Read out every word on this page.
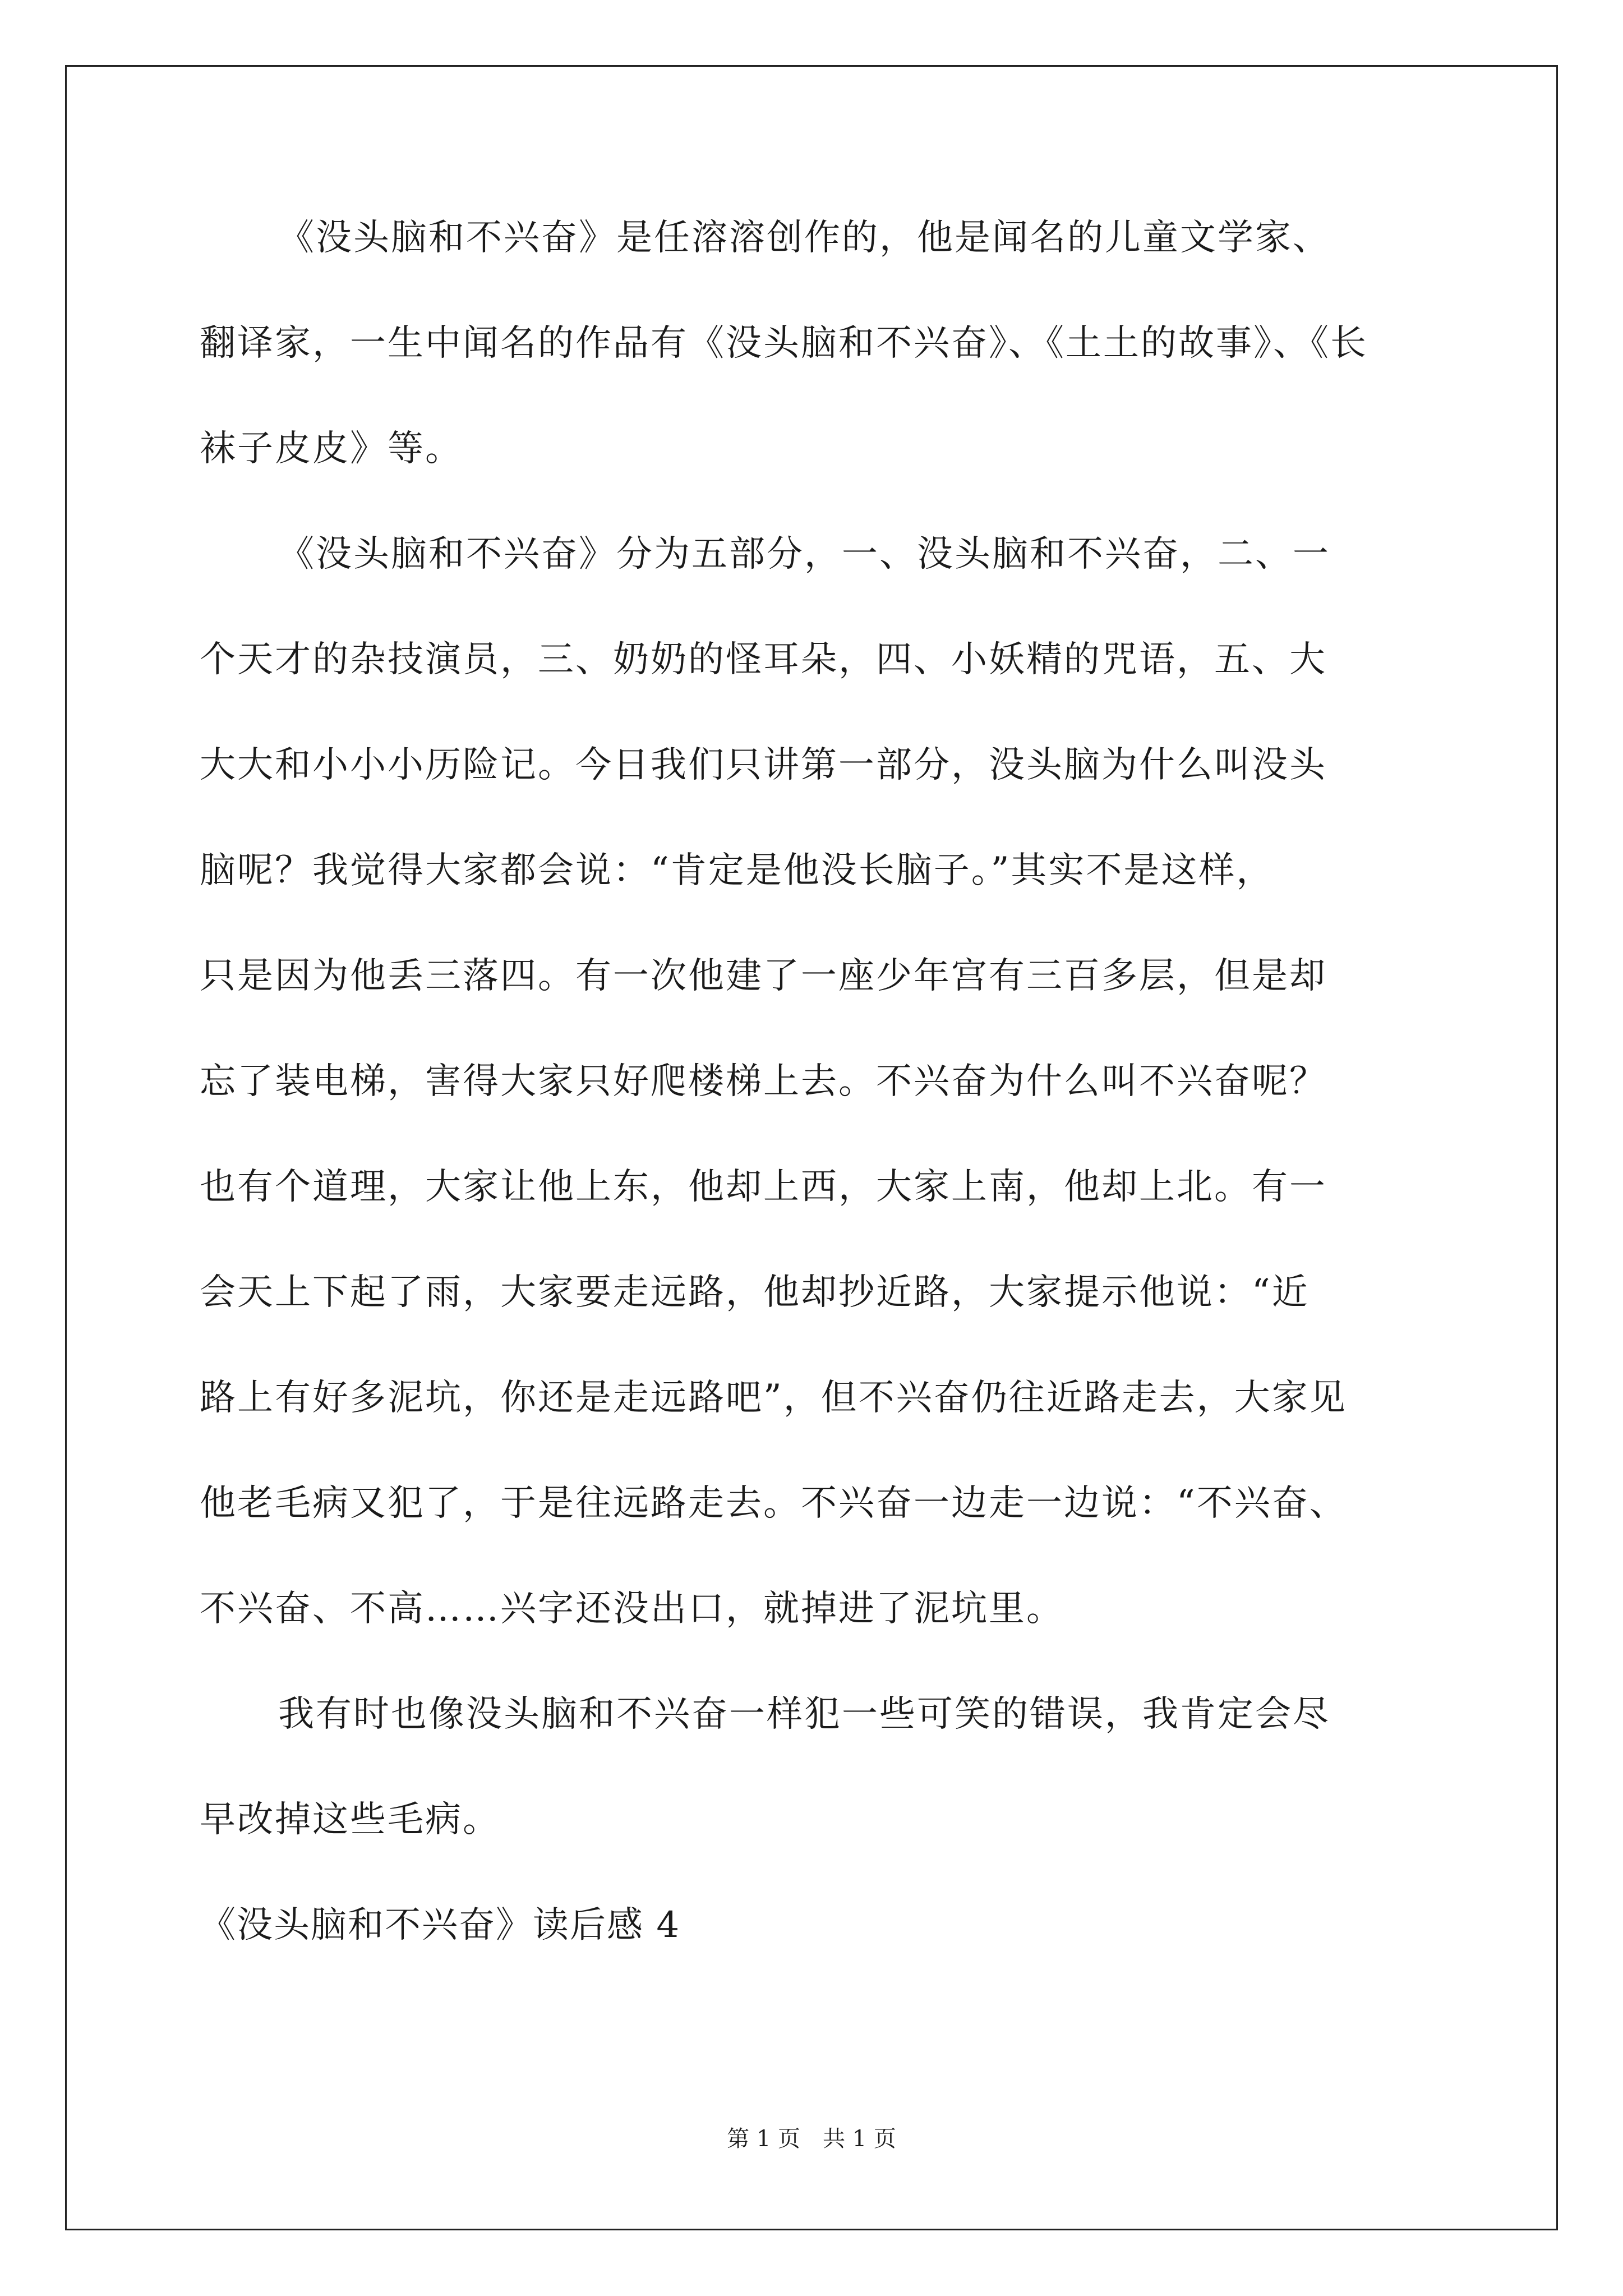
《没头脑和不兴奋》是任溶溶创作的，他是闻名的儿童文学家、
翻译家，一生中闻名的作品有《没头脑和不兴奋》、《土土的故事》、《长
袜子皮皮》等。
《没头脑和不兴奋》分为五部分，一、没头脑和不兴奋，二、一
个天才的杂技演员，三、奶奶的怪耳朵，四、小妖精的咒语，五、大
大大和小小小历险记。今日我们只讲第一部分，没头脑为什么叫没头
脑呢？我觉得大家都会说：“肯定是他没长脑子。”其实不是这样，
只是因为他丢三落四。有一次他建了一座少年宫有三百多层，但是却
忘了装电梯，害得大家只好爬楼梯上去。不兴奋为什么叫不兴奋呢？
也有个道理，大家让他上东，他却上西，大家上南，他却上北。有一
会天上下起了雨，大家要走远路，他却抄近路，大家提示他说：“近
路上有好多泥坑，你还是走远路吧”，但不兴奋仍往近路走去，大家见
他老毛病又犯了，于是往远路走去。不兴奋一边走一边说：“不兴奋、
不兴奋、不高……兴字还没出口，就掉进了泥坑里。
我有时也像没头脑和不兴奋一样犯一些可笑的错误，我肯定会尽
早改掉这些毛病。
《没头脑和不兴奋》读后感 4
第 1 页 共 1 页
